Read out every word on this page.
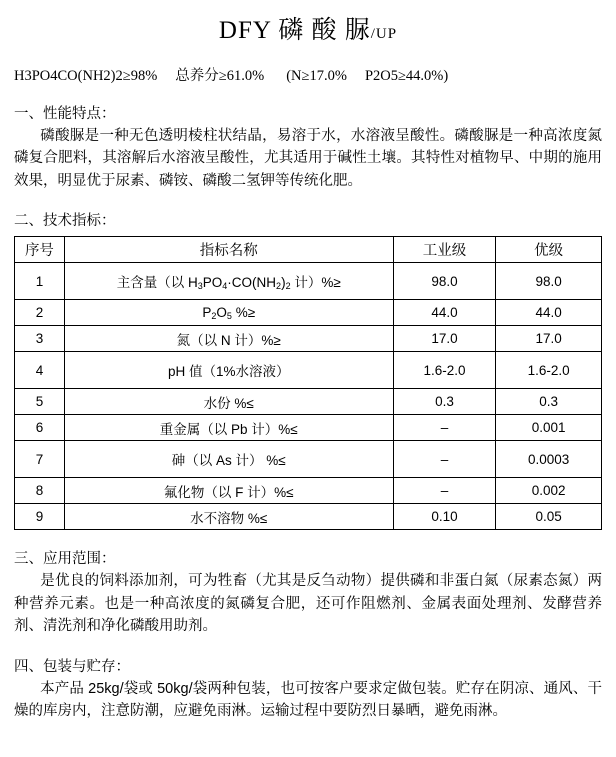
DFY 磷 酸 脲/UP
H3PO4CO(NH2)2≥98% 总养分≥61.0% (N≥17.0% P2O5≥44.0%)
一、性能特点：
磷酸脲是一种无色透明棱柱状结晶，易溶于水，水溶液呈酸性。磷酸脲是一种高浓度氮磷复合肥料，其溶解后水溶液呈酸性，尤其适用于碱性土壤。其特性对植物早、中期的施用效果，明显优于尿素、磷铵、磷酸二氢钾等传统化肥。
二、技术指标：
序号	指标名称	工业级	优级
1	主含量（以 $H_3PO_4\cdot CO(NH_2)_2$ 计）%≥	98.0	98.0
2	$P_2O_5$ %≥	44.0	44.0
3	氮（以 N 计）%≥	17.0	17.0
4	pH 值（1%水溶液）	1.6-2.0	1.6-2.0
5	水份 %≤	0.3	0.3
6	重金属（以 Pb 计）%≤	–	0.001
7	砷（以 As 计） %≤	–	0.0003
8	氟化物（以 F 计）%≤	–	0.002
9	水不溶物 %≤	0.10	0.05
三、应用范围：
是优良的饲料添加剂，可为牲畜（尤其是反刍动物）提供磷和非蛋白氮（尿素态氮）两种营养元素。也是一种高浓度的氮磷复合肥，还可作阻燃剂、金属表面处理剂、发酵营养剂、清洗剂和净化磷酸用助剂。
四、包装与贮存：
本产品 25kg/袋或 50kg/袋两种包装，也可按客户要求定做包装。贮存在阴凉、通风、干燥的库房内，注意防潮，应避免雨淋。运输过程中要防烈日暴晒，避免雨淋。
